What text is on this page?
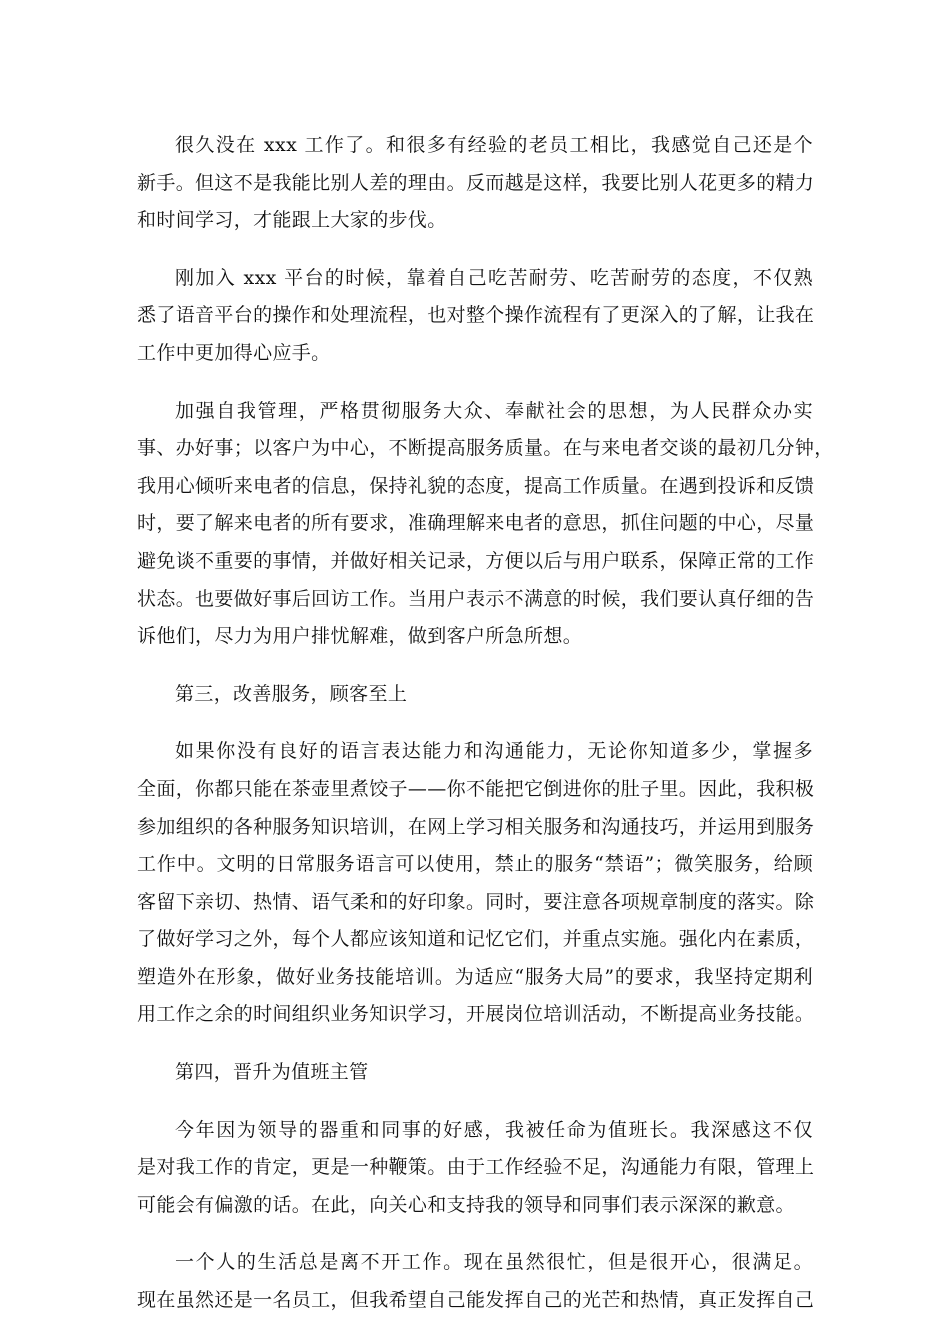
很久没在 xxx 工作了。和很多有经验的老员工相比，我感觉自己还是个
新手。但这不是我能比别人差的理由。反而越是这样，我要比别人花更多的精力
和时间学习，才能跟上大家的步伐。
刚加入 xxx 平台的时候，靠着自己吃苦耐劳、吃苦耐劳的态度，不仅熟
悉了语音平台的操作和处理流程，也对整个操作流程有了更深入的了解，让我在
工作中更加得心应手。
加强自我管理，严格贯彻服务大众、奉献社会的思想，为人民群众办实
事、办好事；以客户为中心，不断提高服务质量。在与来电者交谈的最初几分钟，
我用心倾听来电者的信息，保持礼貌的态度，提高工作质量。在遇到投诉和反馈
时，要了解来电者的所有要求，准确理解来电者的意思，抓住问题的中心，尽量
避免谈不重要的事情，并做好相关记录，方便以后与用户联系，保障正常的工作
状态。也要做好事后回访工作。当用户表示不满意的时候，我们要认真仔细的告
诉他们，尽力为用户排忧解难，做到客户所急所想。
第三，改善服务，顾客至上
如果你没有良好的语言表达能力和沟通能力，无论你知道多少，掌握多
全面，你都只能在茶壶里煮饺子——你不能把它倒进你的肚子里。因此，我积极
参加组织的各种服务知识培训，在网上学习相关服务和沟通技巧，并运用到服务
工作中。文明的日常服务语言可以使用，禁止的服务“禁语”；微笑服务，给顾
客留下亲切、热情、语气柔和的好印象。同时，要注意各项规章制度的落实。除
了做好学习之外，每个人都应该知道和记忆它们，并重点实施。强化内在素质，
塑造外在形象，做好业务技能培训。为适应“服务大局”的要求，我坚持定期利
用工作之余的时间组织业务知识学习，开展岗位培训活动，不断提高业务技能。
第四，晋升为值班主管
今年因为领导的器重和同事的好感，我被任命为值班长。我深感这不仅
是对我工作的肯定，更是一种鞭策。由于工作经验不足，沟通能力有限，管理上
可能会有偏激的话。在此，向关心和支持我的领导和同事们表示深深的歉意。
一个人的生活总是离不开工作。现在虽然很忙，但是很开心，很满足。
现在虽然还是一名员工，但我希望自己能发挥自己的光芒和热情，真正发挥自己
